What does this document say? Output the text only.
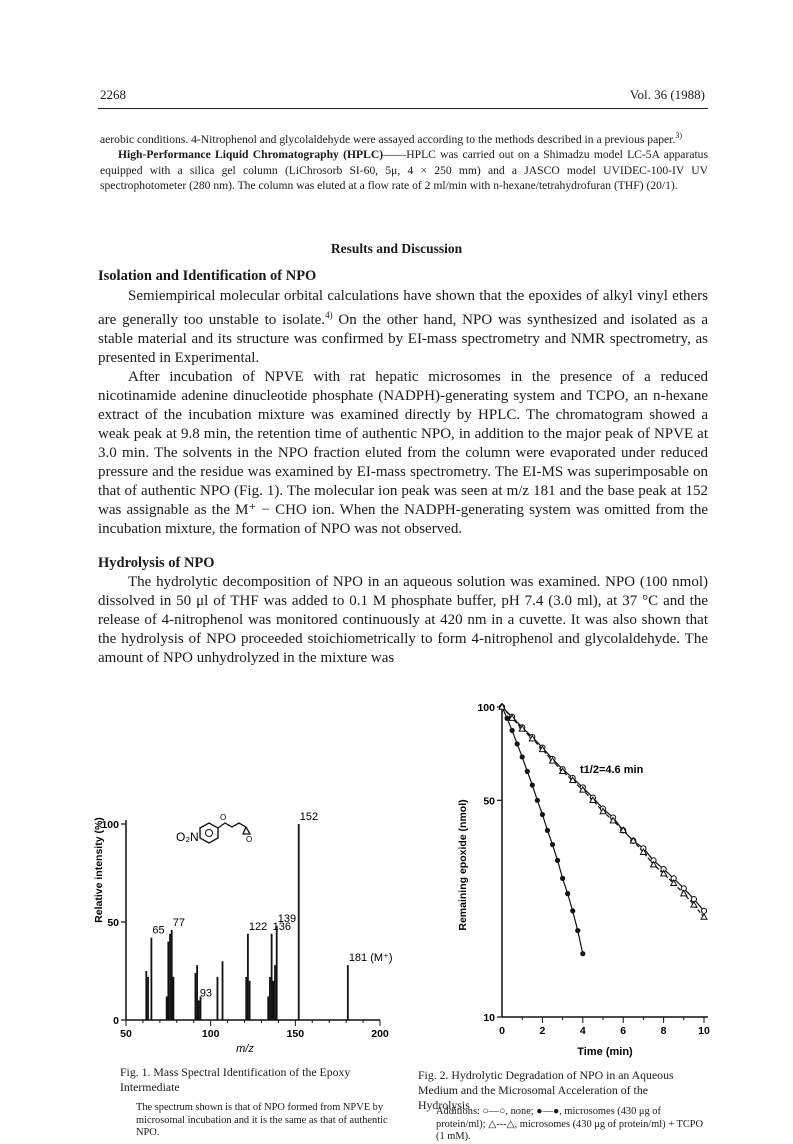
2268	Vol. 36 (1988)

aerobic conditions. 4-Nitrophenol and glycolaldehyde were assayed according to the methods described in a previous paper.$^{3)}$

High-Performance Liquid Chromatography (HPLC)——HPLC was carried out on a Shimadzu model LC-5A apparatus equipped with a silica gel column (LiChrosorb SI-60, 5μ, 4 × 250 mm) and a JASCO model UVIDEC-100-IV UV spectrophotometer (280 nm). The column was eluted at a flow rate of 2 ml/min with n-hexane/tetrahydrofuran (THF) (20/1).

Results and Discussion
Isolation and Identification of NPO

Semiempirical molecular orbital calculations have shown that the epoxides of alkyl vinyl ethers are generally too unstable to isolate.$^{4)}$ On the other hand, NPO was synthesized and isolated as a stable material and its structure was confirmed by EI-mass spectrometry and NMR spectrometry, as presented in Experimental.

After incubation of NPVE with rat hepatic microsomes in the presence of a reduced nicotinamide adenine dinucleotide phosphate (NADPH)-generating system and TCPO, an n-hexane extract of the incubation mixture was examined directly by HPLC. The chromatogram showed a weak peak at 9.8 min, the retention time of authentic NPO, in addition to the major peak of NPVE at 3.0 min. The solvents in the NPO fraction eluted from the column were evaporated under reduced pressure and the residue was examined by EI-mass spectrometry. The EI-MS was superimposable on that of authentic NPO (Fig. 1). The molecular ion peak was seen at m/z 181 and the base peak at 152 was assignable as the M⁺ − CHO ion. When the NADPH-generating system was omitted from the incubation mixture, the formation of NPO was not observed.

Hydrolysis of NPO

The hydrolytic decomposition of NPO in an aqueous solution was examined. NPO (100 nmol) dissolved in 50 μl of THF was added to 0.1 M phosphate buffer, pH 7.4 (3.0 ml), at 37 °C and the release of 4-nitrophenol was monitored continuously at 420 nm in a cuvette. It was also shown that the hydrolysis of NPO proceeded stoichiometrically to form 4-nitrophenol and glycolaldehyde. The amount of NPO unhydrolyzed in the mixture was

0
50
100
50	100	150	200
65
77
93
122 136
139
152
181 (M⁺)
O₂N
O
O
m/z
Relative intensity (%)
10
50
100
0	2	4	6	8	10
t1/2=4.6 min
Time (min)
Remaining epoxide (nmol)
Fig. 1. Mass Spectral Identification of the Epoxy Intermediate
The spectrum shown is that of NPO formed from NPVE by microsomal incubation and it is the same as that of authentic NPO.
Fig. 2. Hydrolytic Degradation of NPO in an Aqueous Medium and the Microsomal Acceleration of the Hydrolysis
Additions: ○—○, none; ●—●, microsomes (430 μg of protein/ml); △---△, microsomes (430 μg of protein/ml) + TCPO (1 mM).
